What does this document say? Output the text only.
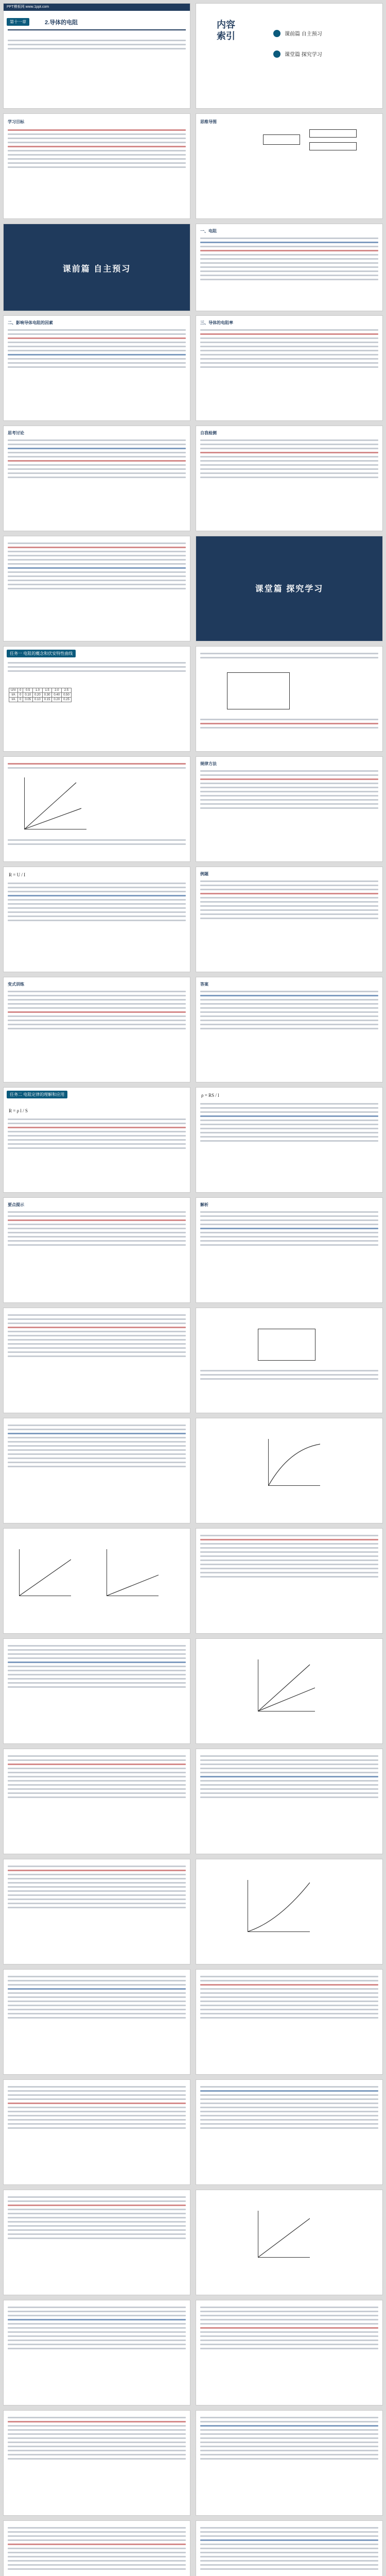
PPT模板网 www.1ppt.com
第十一章	2.导体的电阻	内容索引	课前篇 自主预习
课堂篇 探究学习
学习目标	思维导图
课前篇 自主预习
一、电阻
二、影响导体电阻的因素	三、导体的电阻率
思考讨论	自我检测
课堂篇 探究学习
任务一 电阻的概念和伏安特性曲线
U/V	0	0.5	1.0	1.5	2.0	2.5
I/A	0	0.10	0.20	0.30	0.40	0.50
I/A	0	0.05	0.10	0.15	0.20	0.25
规律方法
R = U / I	例题
变式训练	答案
任务二 电阻定律的理解和应用
R = ρ l / S
ρ = RS / l
要点提示	解析
